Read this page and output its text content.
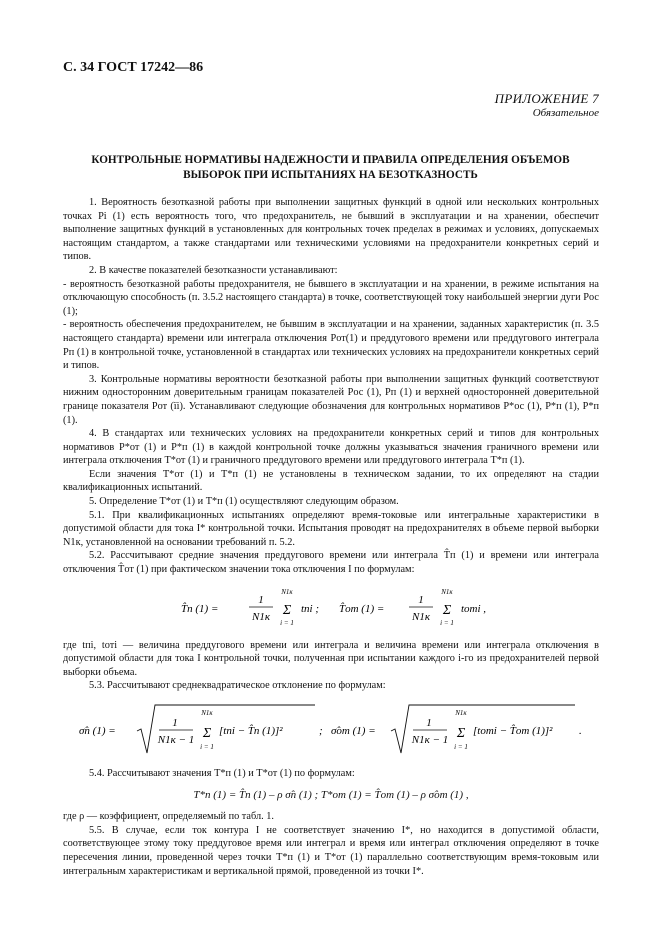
С. 34 ГОСТ 17242—86
ПРИЛОЖЕНИЕ 7
Обязательное
КОНТРОЛЬНЫЕ НОРМАТИВЫ НАДЕЖНОСТИ И ПРАВИЛА ОПРЕДЕЛЕНИЯ ОБЪЕМОВ
ВЫБОРОК ПРИ ИСПЫТАНИЯХ НА БЕЗОТКАЗНОСТЬ

1. Вероятность безотказной работы при выполнении защитных функций в одной или нескольких контрольных точках Pi (1) есть вероятность того, что предохранитель, не бывший в эксплуатации и на хранении, обеспечит выполнение защитных функций в установленных для контрольных точек пределах в режимах и условиях, допускаемых настоящим стандартом, а также стандартами или техническими условиями на предохранители конкретных серий и типов.

2. В качестве показателей безотказности устанавливают:

- вероятность безотказной работы предохранителя, не бывшего в эксплуатации и на хранении, в режиме испытания на отключающую способность (п. 3.5.2 настоящего стандарта) в точке, соответствующей току наибольшей энергии дуги Pос (1);

- вероятность обеспечения предохранителем, не бывшим в эксплуатации и на хранении, заданных характеристик (п. 3.5 настоящего стандарта) времени или интеграла отключения Pот(1) и преддугового времени или преддугового интеграла Pп (1) в контрольной точке, установленной в стандартах или технических условиях на предохранители конкретных серий и типов.

3. Контрольные нормативы вероятности безотказной работы при выполнении защитных функций соответствуют нижним односторонним доверительным границам показателей Pос (1), Pп (1) и верхней односторонней доверительной границе показателя Pот (ïi). Устанавливают следующие обозначения для контрольных нормативов P*ос (1), P*п (1), P*п (1).

4. В стандартах или технических условиях на предохранители конкретных серий и типов для контрольных нормативов P*от (1) и P*п (1) в каждой контрольной точке должны указываться значения граничного времени или интеграла отключения T*от (1) и граничного преддугового времени или преддугового интеграла T*п (1).

Если значения T*от (1) и T*п (1) не установлены в техническом задании, то их определяют на стадии квалификационных испытаний.

5. Определение T*от (1) и T*п (1) осуществляют следующим образом.

5.1. При квалификационных испытаниях определяют время-токовые или интегральные характеристики в допустимой области для тока I* контрольной точки. Испытания проводят на предохранителях в объеме первой выборки N1к, установленной на основании требований п. 5.2.

5.2. Рассчитывают средние значения преддугового времени или интеграла T̂п (1) и времени или интеграла отключения T̂от (1) при фактическом значении тока отключения I по формулам:

T̂п (1) =
1
N1к
N1к
Σ
i = 1
tпi ; T̂от (1) =
1
N1к
N1к
Σ
i = 1
tотi ,

где tпi, tотi — величина преддугового времени или интеграла и величина времени или интеграла отключения в допустимой области для тока I контрольной точки, полученная при испытании каждого i-го из предохранителей первой выборки объема.

5.3. Рассчитывают среднеквадратическое отклонение по формулам:

σ̂п (1) =
1
N1к − 1
N1к
Σ
i = 1
[tпi − T̂п (1)]²	; σ̂от (1) =
1
N1к − 1
N1к
Σ
i = 1
[tотi − T̂от (1)]² .

5.4. Рассчитывают значения T*п (1) и T*от (1) по формулам:

T*п (1) = T̂п (1) – ρ σ̂п (1) ; T*от (1) = T̂от (1) – ρ σ̂от (1) ,

где ρ — коэффициент, определяемый по табл. 1.

5.5. В случае, если ток контура I не соответствует значению I*, но находится в допустимой области, соответствующее этому току преддуговое время или интеграл и время или интеграл отключения определяют в точке пересечения линии, проведенной через точки T*п (1) и T*от (1) параллельно соответствующим время-токовым или интегральным характеристикам и вертикальной прямой, проведенной из точки I*.
